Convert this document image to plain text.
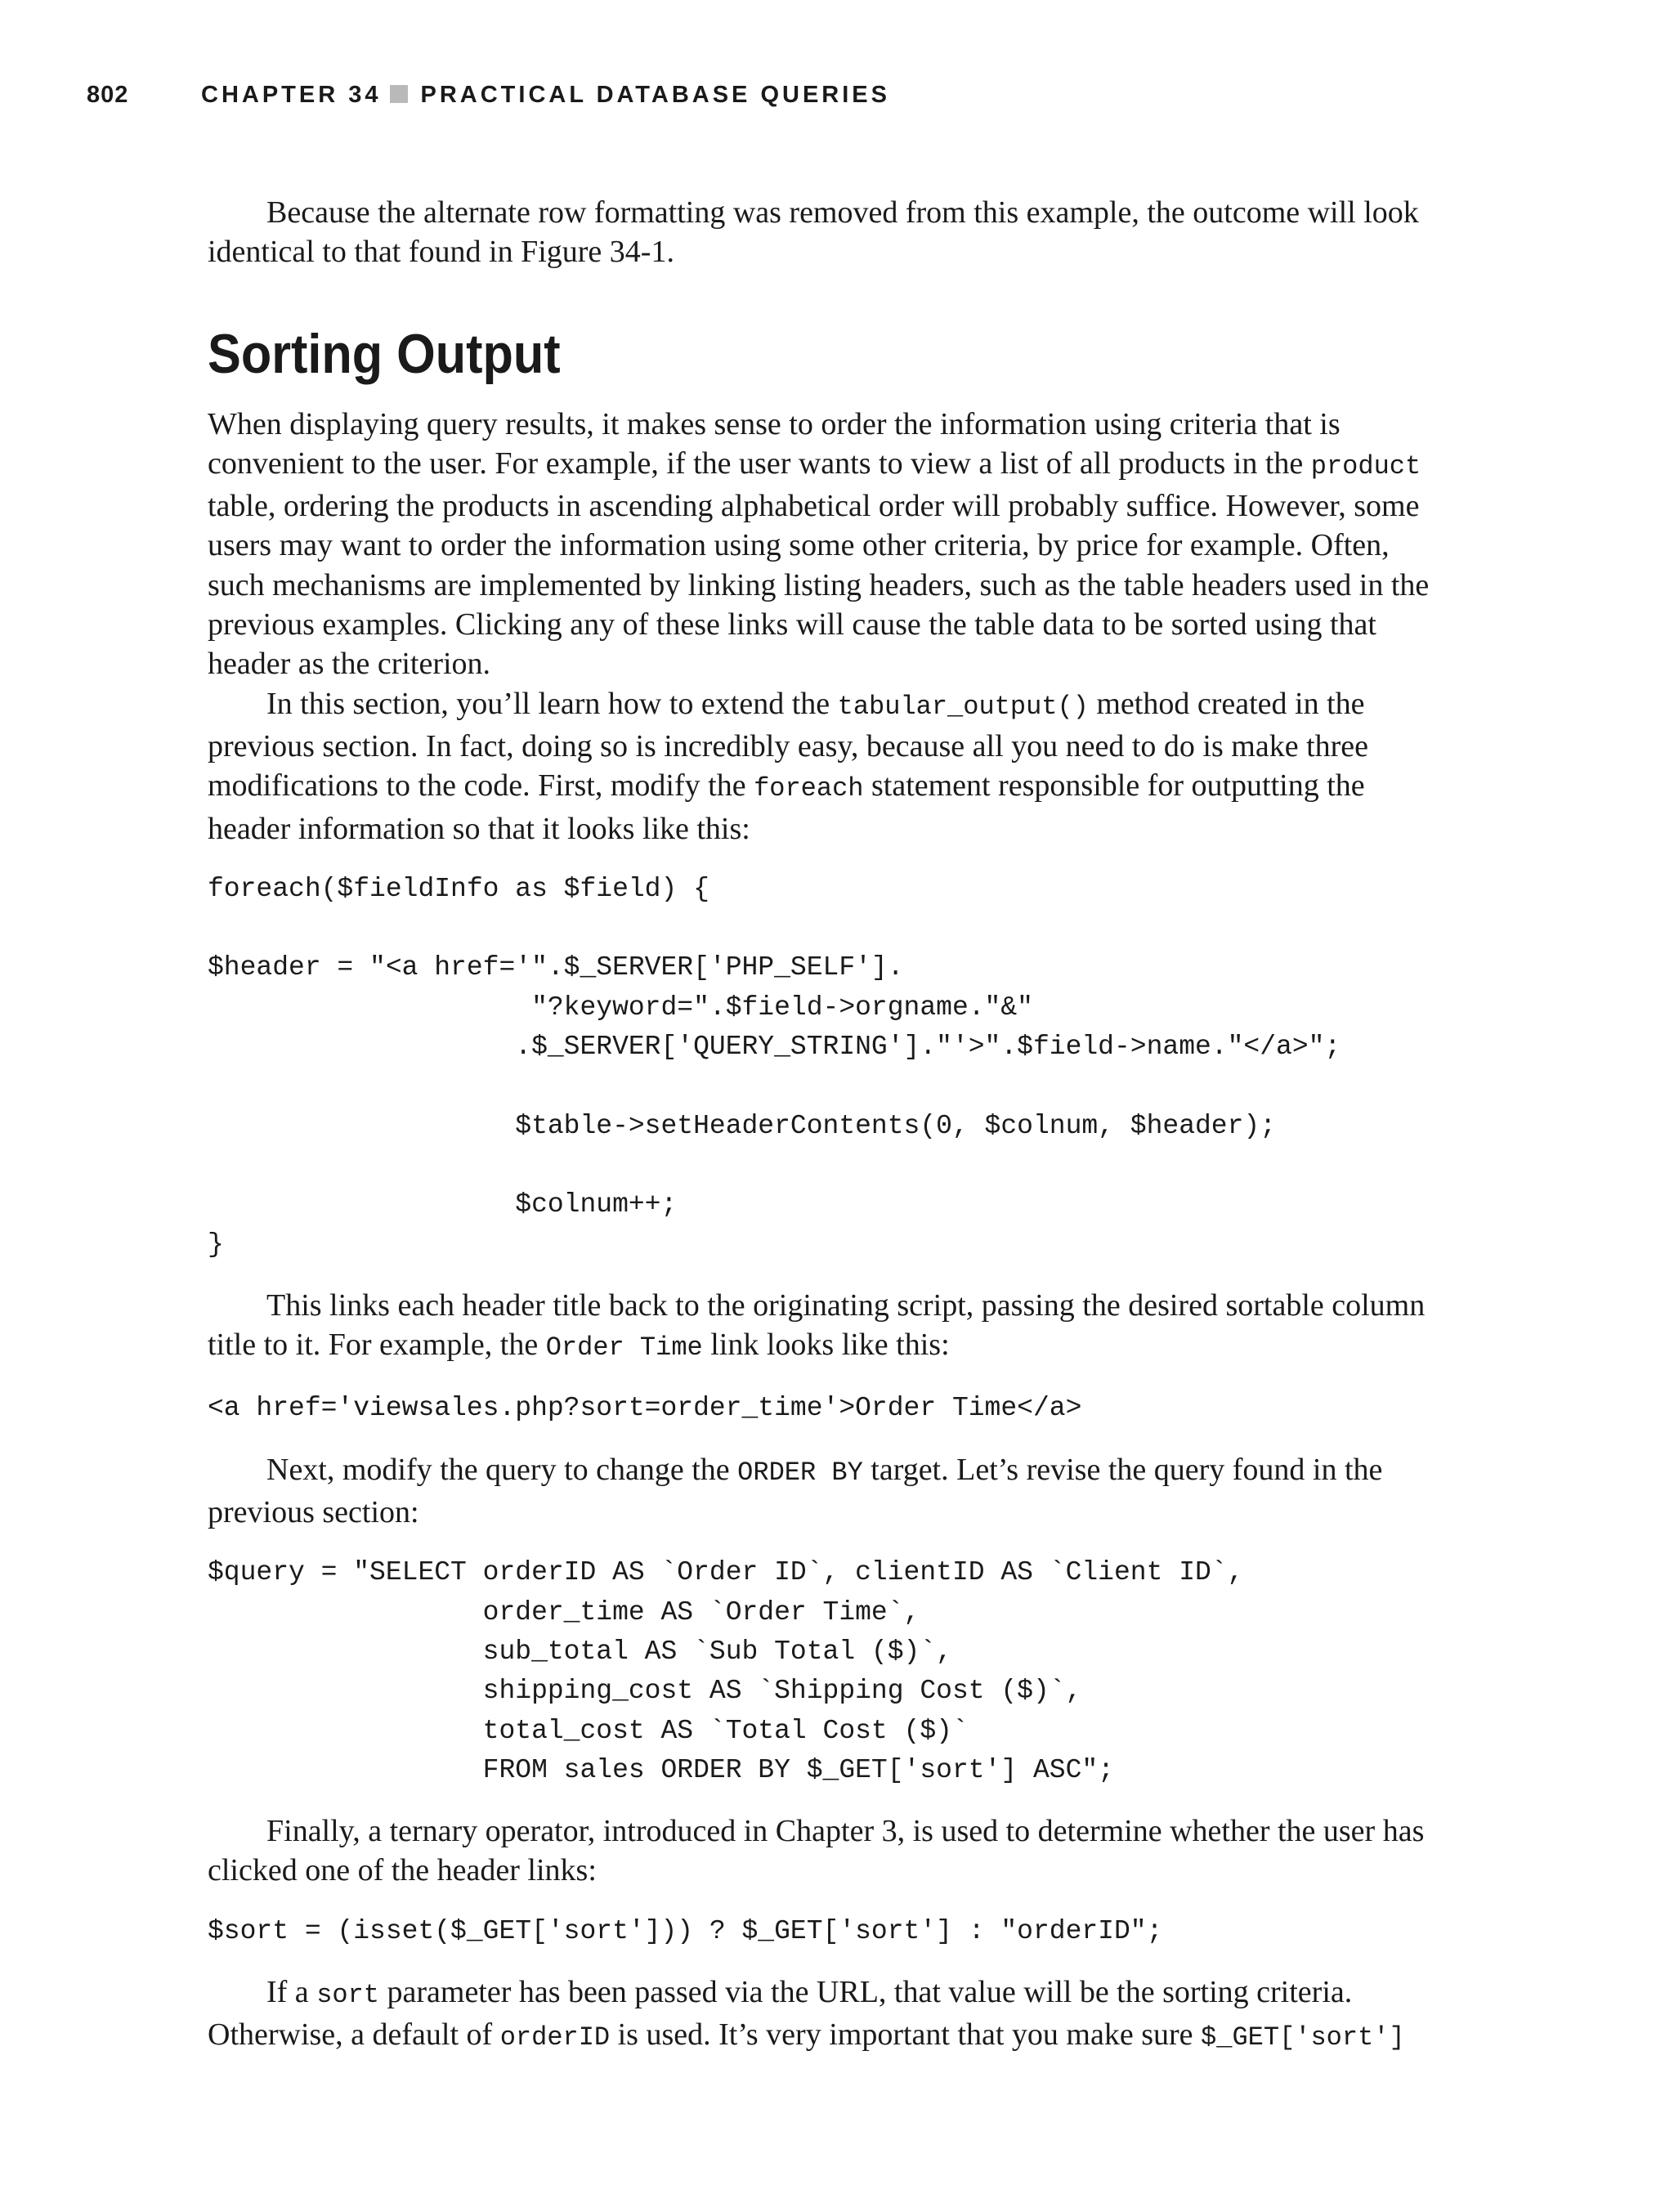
802	CHAPTER 34 PRACTICAL DATABASE QUERIES

Because the alternate row formatting was removed from this example, the outcome will look identical to that found in Figure 34-1.

Sorting Output

When displaying query results, it makes sense to order the information using criteria that is convenient to the user. For example, if the user wants to view a list of all products in the product table, ordering the products in ascending alphabetical order will probably suffice. However, some users may want to order the information using some other criteria, by price for example. Often, such mechanisms are implemented by linking listing headers, such as the table headers used in the previous examples. Clicking any of these links will cause the table data to be sorted using that header as the criterion.

In this section, you’ll learn how to extend the tabular_output() method created in the previous section. In fact, doing so is incredibly easy, because all you need to do is make three modifications to the code. First, modify the foreach statement responsible for outputting the header information so that it looks like this:

foreach($fieldInfo as $field) {

$header = "<a href='".$_SERVER['PHP_SELF'].
"?keyword=".$field->orgname."&"
.$_SERVER['QUERY_STRING']."'>".$field->name."</a>";

$table->setHeaderContents(0, $colnum, $header);

$colnum++;
}

This links each header title back to the originating script, passing the desired sortable column title to it. For example, the Order Time link looks like this:

<a href='viewsales.php?sort=order_time'>Order Time</a>

Next, modify the query to change the ORDER BY target. Let’s revise the query found in the previous section:

$query = "SELECT orderID AS `Order ID`, clientID AS `Client ID`,
order_time AS `Order Time`,
sub_total AS `Sub Total ($)`,
shipping_cost AS `Shipping Cost ($)`,
total_cost AS `Total Cost ($)`
FROM sales ORDER BY $_GET['sort'] ASC";

Finally, a ternary operator, introduced in Chapter 3, is used to determine whether the user has clicked one of the header links:

$sort = (isset($_GET['sort'])) ? $_GET['sort'] : "orderID";

If a sort parameter has been passed via the URL, that value will be the sorting criteria. Otherwise, a default of orderID is used. It’s very important that you make sure $_GET['sort']
